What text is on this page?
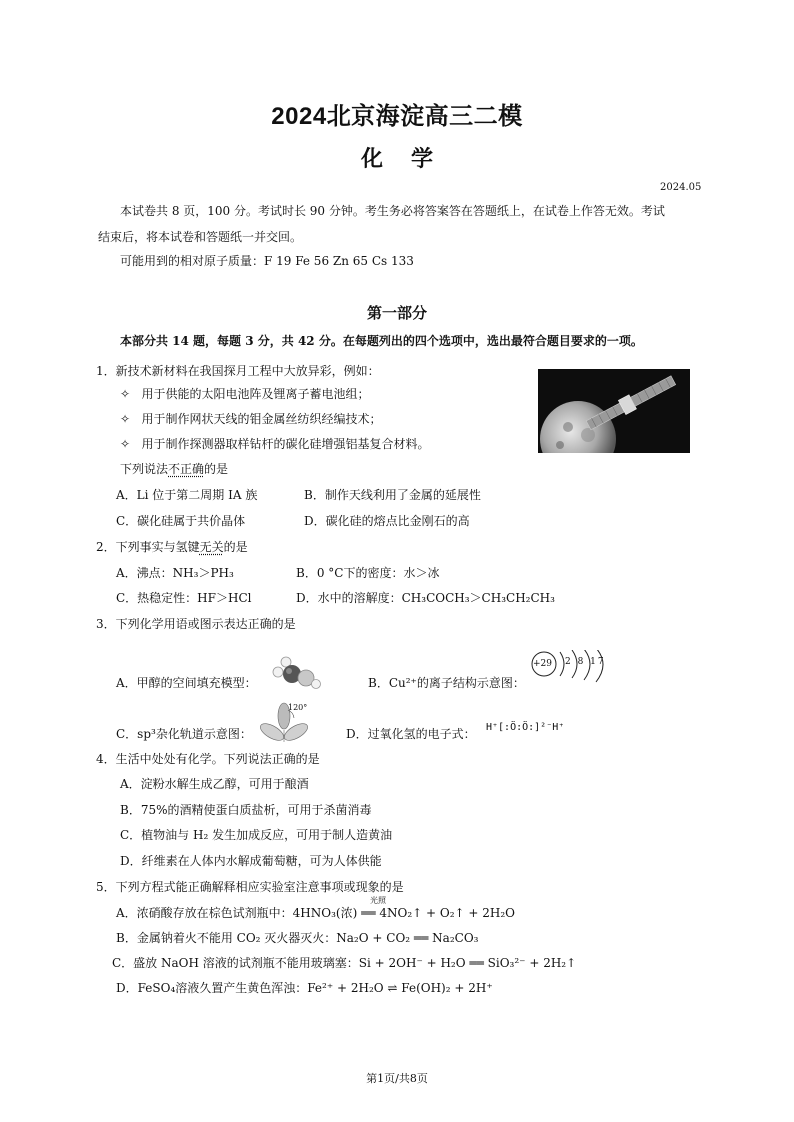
2024北京海淀高三二模
化学
2024.05
本试卷共 8 页，100 分。考试时长 90 分钟。考生务必将答案答在答题纸上，在试卷上作答无效。考试
结束后，将本试卷和答题纸一并交回。
可能用到的相对原子质量：F 19 Fe 56 Zn 65 Cs 133
第一部分
本部分共 14 题，每题 3 分，共 42 分。在每题列出的四个选项中，选出最符合题目要求的一项。
1．新技术新材料在我国探月工程中大放异彩，例如：
✧ 用于供能的太阳电池阵及锂离子蓄电池组；
✧ 用于制作网状天线的钼金属丝纺织经编技术；
✧ 用于制作探测器取样钻杆的碳化硅增强铝基复合材料。
下列说法不正确的是
A．Li 位于第二周期 IA 族	B．制作天线利用了金属的延展性
C．碳化硅属于共价晶体	D．碳化硅的熔点比金刚石的高
2．下列事实与氢键无关的是
A．沸点：NH₃＞PH₃	B．0 °C下的密度：水＞冰
C．热稳定性：HF＞HCl	D．水中的溶解度：CH₃COCH₃＞CH₃CH₂CH₃
3．下列化学用语或图示表达正确的是
A．甲醇的空间填充模型：	B．Cu²⁺的离子结构示意图：
+29 2 8 17
C．sp³杂化轨道示意图：
120°
D．过氧化氢的电子式： H⁺[:Ö:Ö:]²⁻H⁺
4．生活中处处有化学。下列说法正确的是
A．淀粉水解生成乙醇，可用于酿酒
B．75%的酒精使蛋白质盐析，可用于杀菌消毒
C．植物油与 H₂ 发生加成反应，可用于制人造黄油
D．纤维素在人体内水解成葡萄糖，可为人体供能
5．下列方程式能正确解释相应实验室注意事项或现象的是
光照
A．浓硝酸存放在棕色试剂瓶中：4HNO₃(浓) ══ 4NO₂↑ + O₂↑ + 2H₂O
B．金属钠着火不能用 CO₂ 灭火器灭火：Na₂O + CO₂ ══ Na₂CO₃
C．盛放 NaOH 溶液的试剂瓶不能用玻璃塞：Si + 2OH⁻ + H₂O ══ SiO₃²⁻ + 2H₂↑
D．FeSO₄溶液久置产生黄色浑浊：Fe²⁺ + 2H₂O ⇌ Fe(OH)₂ + 2H⁺
第1页/共8页
